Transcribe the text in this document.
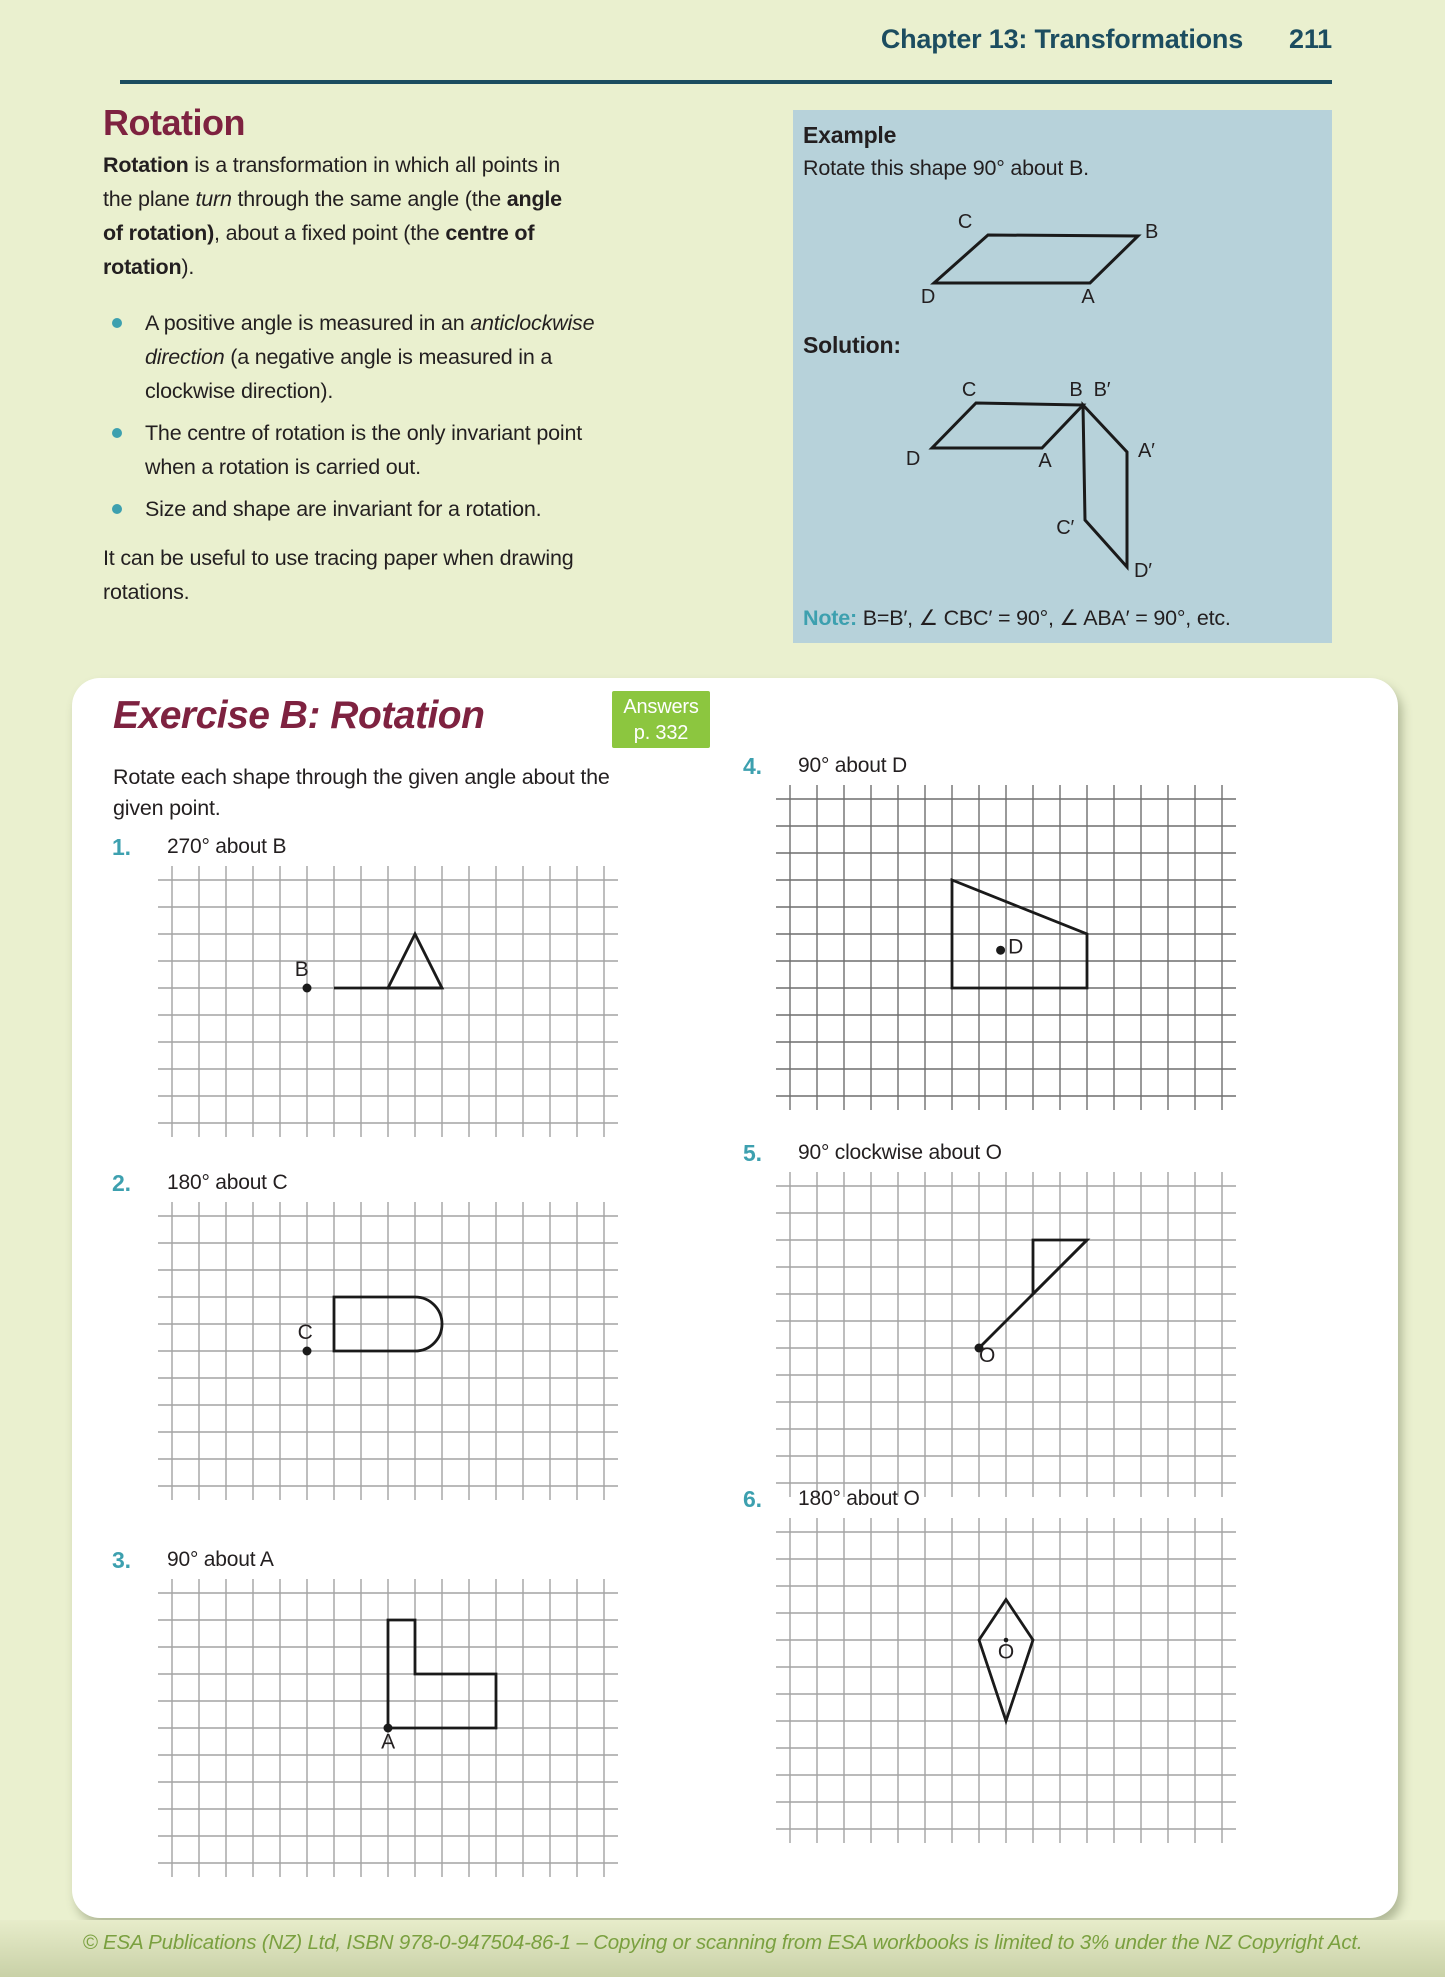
Chapter 13: Transformations 211
Rotation
Rotation is a transformation in which all points in
the plane turn through the same angle (the angle
of rotation), about a fixed point (the centre of
rotation).
A positive angle is measured in an anticlockwise
direction (a negative angle is measured in a
clockwise direction).
The centre of rotation is the only invariant point
when a rotation is carried out.
Size and shape are invariant for a rotation.
It can be useful to use tracing paper when drawing
rotations.
Example
Rotate this shape 90° about B.
C	B
D	A
Solution:
C	B B′
D	A	A′
C′
D′
Note: B=B′, ∠ CBC′ = 90°, ∠ ABA′ = 90°, etc.
Exercise B: Rotation	Answers
p. 332
Rotate each shape through the given angle about the
given point.
1. 270° about B
B
2. 180° about C
C
3. 90° about A
A
4. 90° about D
D
5. 90° clockwise about O
O
6. 180° about O
O
© ESA Publications (NZ) Ltd, ISBN 978-0-947504-86-1 – Copying or scanning from ESA workbooks is limited to 3% under the NZ Copyright Act.
